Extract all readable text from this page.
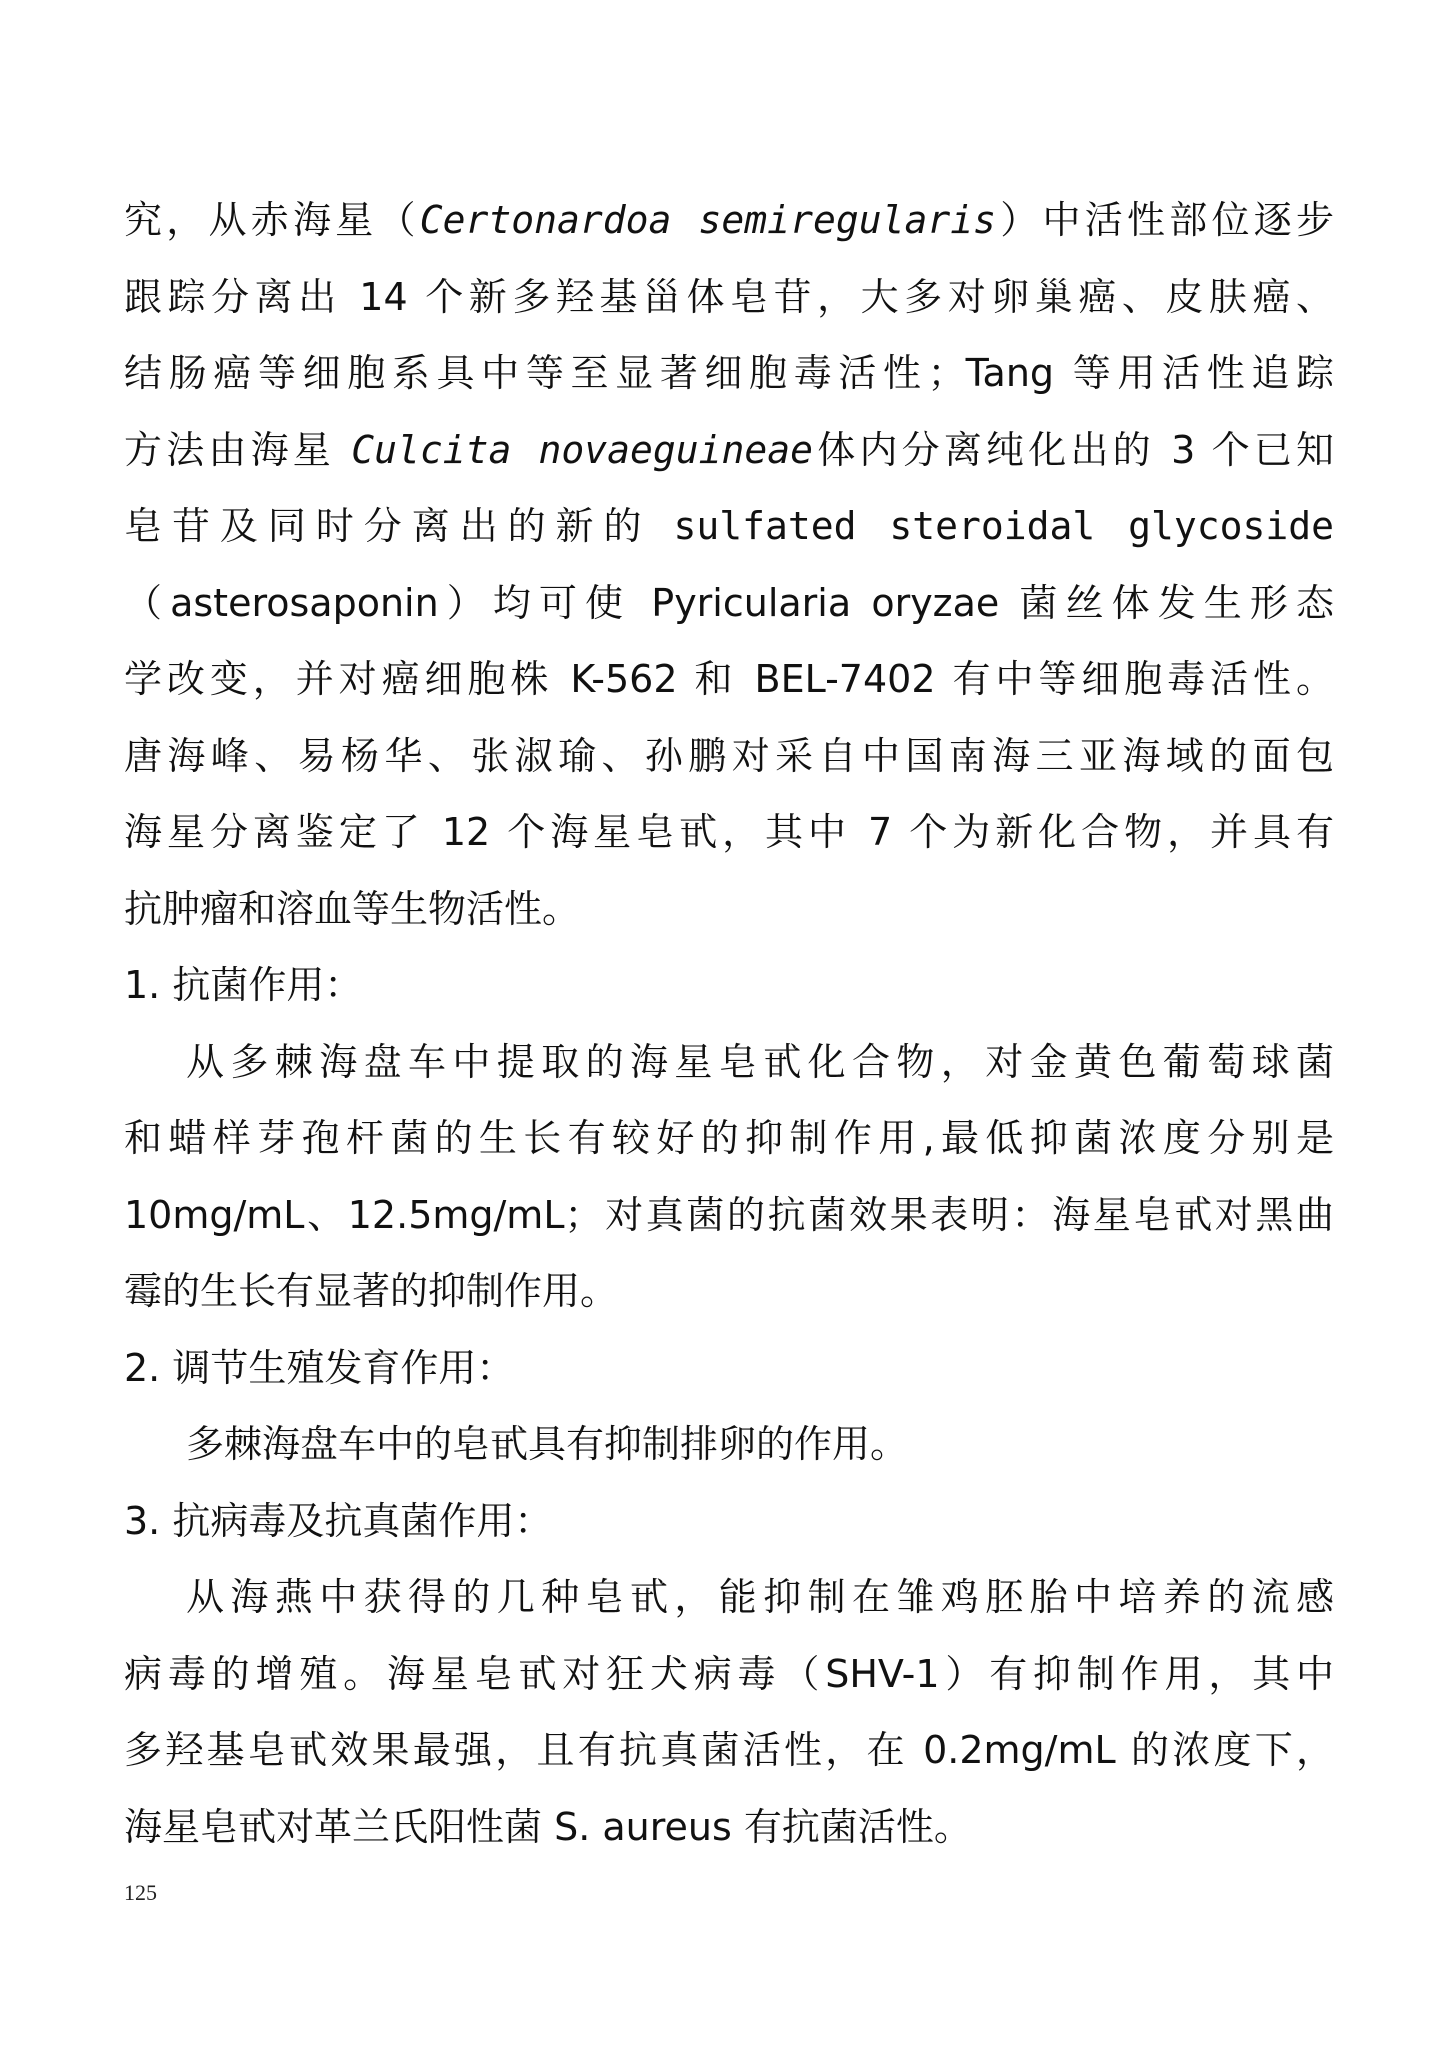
究，从赤海星（Certonardoa semiregularis）中活性部位逐步
跟踪分离出 14 个新多羟基甾体皂苷，大多对卵巢癌、皮肤癌、
结肠癌等细胞系具中等至显著细胞毒活性；Tang 等用活性追踪
方法由海星 Culcita novaeguineae体内分离纯化出的 3 个已知
皂苷及同时分离出的新的 sulfated steroidal glycoside
（asterosaponin）均可使 Pyricularia oryzae 菌丝体发生形态
学改变，并对癌细胞株 K-562 和 BEL-7402 有中等细胞毒活性。
唐海峰、易杨华、张淑瑜、孙鹏对采自中国南海三亚海域的面包
海星分离鉴定了 12 个海星皂甙，其中 7 个为新化合物，并具有
抗肿瘤和溶血等生物活性。
1. 抗菌作用：
从多棘海盘车中提取的海星皂甙化合物，对金黄色葡萄球菌
和蜡样芽孢杆菌的生长有较好的抑制作用,最低抑菌浓度分别是
10mg/mL、12.5mg/mL；对真菌的抗菌效果表明：海星皂甙对黑曲
霉的生长有显著的抑制作用。
2. 调节生殖发育作用：
多棘海盘车中的皂甙具有抑制排卵的作用。
3. 抗病毒及抗真菌作用：
从海燕中获得的几种皂甙，能抑制在雏鸡胚胎中培养的流感
病毒的增殖。海星皂甙对狂犬病毒（SHV-1）有抑制作用，其中
多羟基皂甙效果最强，且有抗真菌活性，在 0.2mg/mL 的浓度下，
海星皂甙对革兰氏阳性菌 S. aureus 有抗菌活性。
125
